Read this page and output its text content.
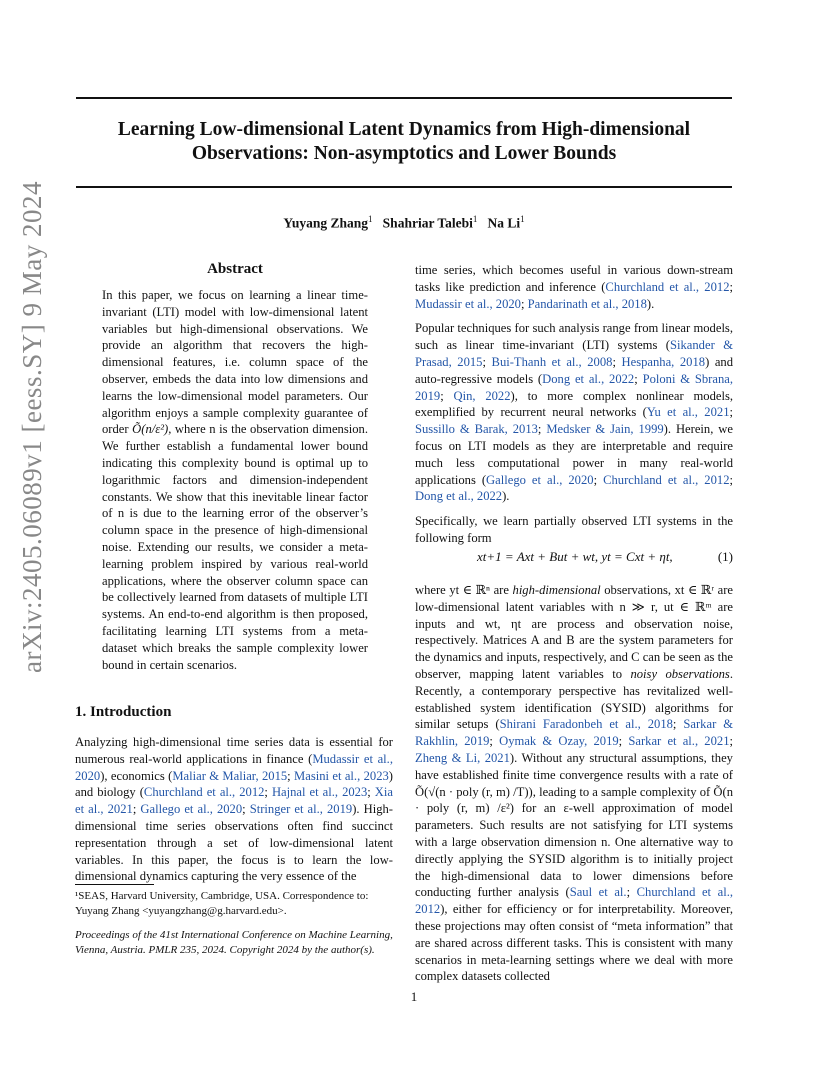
arXiv:2405.06089v1 [eess.SY] 9 May 2024
Learning Low-dimensional Latent Dynamics from High-dimensional
Observations: Non-asymptotics and Lower Bounds
Yuyang Zhang$^1$ Shahriar Talebi$^1$ Na Li$^1$
Abstract
In this paper, we focus on learning a linear time-invariant (LTI) model with low-dimensional latent variables but high-dimensional observations. We provide an algorithm that recovers the high-dimensional features, i.e. column space of the observer, embeds the data into low dimensions and learns the low-dimensional model parameters. Our algorithm enjoys a sample complexity guarantee of order Õ(n/ε²), where n is the observation dimension. We further establish a fundamental lower bound indicating this complexity bound is optimal up to logarithmic factors and dimension-independent constants. We show that this inevitable linear factor of n is due to the learning error of the observer’s column space in the presence of high-dimensional noise. Extending our results, we consider a meta-learning problem inspired by various real-world applications, where the observer column space can be collectively learned from datasets of multiple LTI systems. An end-to-end algorithm is then proposed, facilitating learning LTI systems from a meta-dataset which breaks the sample complexity lower bound in certain scenarios.
1. Introduction
Analyzing high-dimensional time series data is essential for numerous real-world applications in finance (Mudassir et al., 2020), economics (Maliar & Maliar, 2015; Masini et al., 2023) and biology (Churchland et al., 2012; Hajnal et al., 2023; Xia et al., 2021; Gallego et al., 2020; Stringer et al., 2019). High-dimensional time series observations often find succinct representation through a set of low-dimensional latent variables. In this paper, the focus is to learn the low-dimensional dynamics capturing the very essence of the
¹SEAS, Harvard University, Cambridge, USA. Correspondence to: Yuyang Zhang <yuyangzhang@g.harvard.edu>.
Proceedings of the 41st International Conference on Machine Learning, Vienna, Austria. PMLR 235, 2024. Copyright 2024 by the author(s).

time series, which becomes useful in various down-stream tasks like prediction and inference (Churchland et al., 2012; Mudassir et al., 2020; Pandarinath et al., 2018).

Popular techniques for such analysis range from linear models, such as linear time-invariant (LTI) systems (Sikander & Prasad, 2015; Bui-Thanh et al., 2008; Hespanha, 2018) and auto-regressive models (Dong et al., 2022; Poloni & Sbrana, 2019; Qin, 2022), to more complex nonlinear models, exemplified by recurrent neural networks (Yu et al., 2021; Sussillo & Barak, 2013; Medsker & Jain, 1999). Herein, we focus on LTI models as they are interpretable and require much less computational power in many real-world applications (Gallego et al., 2020; Churchland et al., 2012; Dong et al., 2022).

Specifically, we learn partially observed LTI systems in the following form

xt+1 = Axt + But + wt, yt = Cxt + ηt,	(1)

where yt ∈ ℝⁿ are high-dimensional observations, xt ∈ ℝʳ are low-dimensional latent variables with n ≫ r, ut ∈ ℝᵐ are inputs and wt, ηt are process and observation noise, respectively. Matrices A and B are the system parameters for the dynamics and inputs, respectively, and C can be seen as the observer, mapping latent variables to noisy observations. Recently, a contemporary perspective has revitalized well-established system identification (SYSID) algorithms for similar setups (Shirani Faradonbeh et al., 2018; Sarkar & Rakhlin, 2019; Oymak & Ozay, 2019; Sarkar et al., 2021; Zheng & Li, 2021). Without any structural assumptions, they have established finite time convergence results with a rate of Õ(√(n · poly (r, m) /T)), leading to a sample complexity of Õ(n · poly (r, m) /ε²) for an ε-well approximation of model parameters. Such results are not satisfying for LTI systems with a large observation dimension n. One alternative way to directly applying the SYSID algorithm is to initially project the high-dimensional data to lower dimensions before conducting further analysis (Saul et al.; Churchland et al., 2012), either for efficiency or for interpretability. Moreover, these projections may often consist of “meta information” that are shared across different tasks. This is consistent with many scenarios in meta-learning settings where we deal with more complex datasets collected

1
